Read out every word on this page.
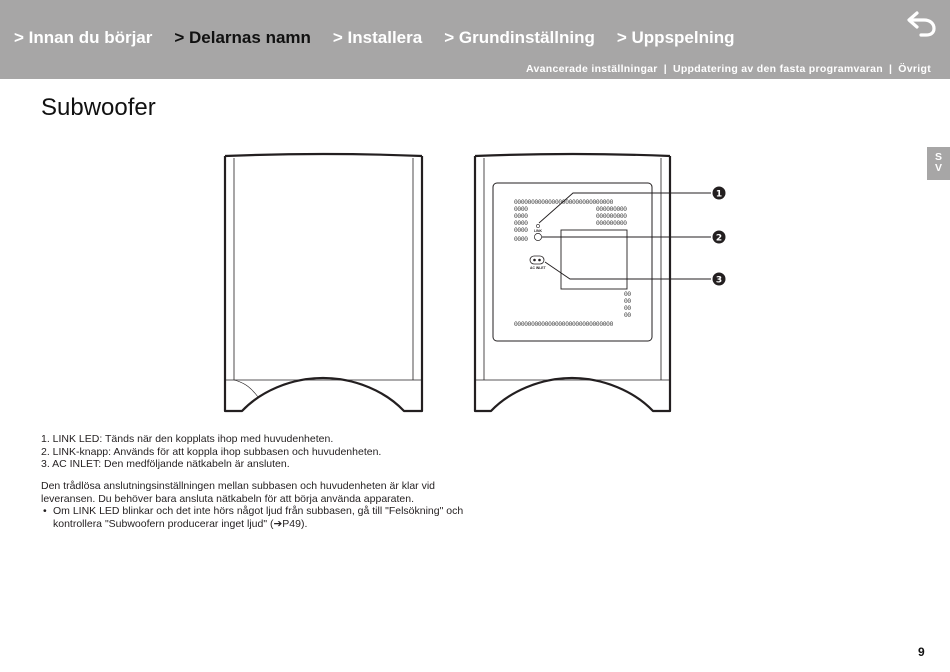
> Innan du börjar > Delarnas namn > Installera > Grundinställning > Uppspelning
Avancerade inställningar | Uppdatering av den fasta programvaran | Övrigt
Subwoofer
S
V
00000000000000000000000000000
0000
0000
0000
0000
0000
000000000
000000000
000000000
00
00
00
00
00000000000000000000000000000
LINK
AC INLET
1
2
3
1. LINK LED: Tänds när den kopplats ihop med huvudenheten.
2. LINK-knapp: Används för att koppla ihop subbasen och huvudenheten.
3. AC INLET: Den medföljande nätkabeln är ansluten.

Den trådlösa anslutningsinställningen mellan subbasen och huvudenheten är klar vid leveransen. Du behöver bara ansluta nätkabeln för att börja använda apparaten.

• Om LINK LED blinkar och det inte hörs något ljud från subbasen, gå till "Felsökning" och kontrollera "Subwoofern producerar inget ljud" (➔P49).
9
